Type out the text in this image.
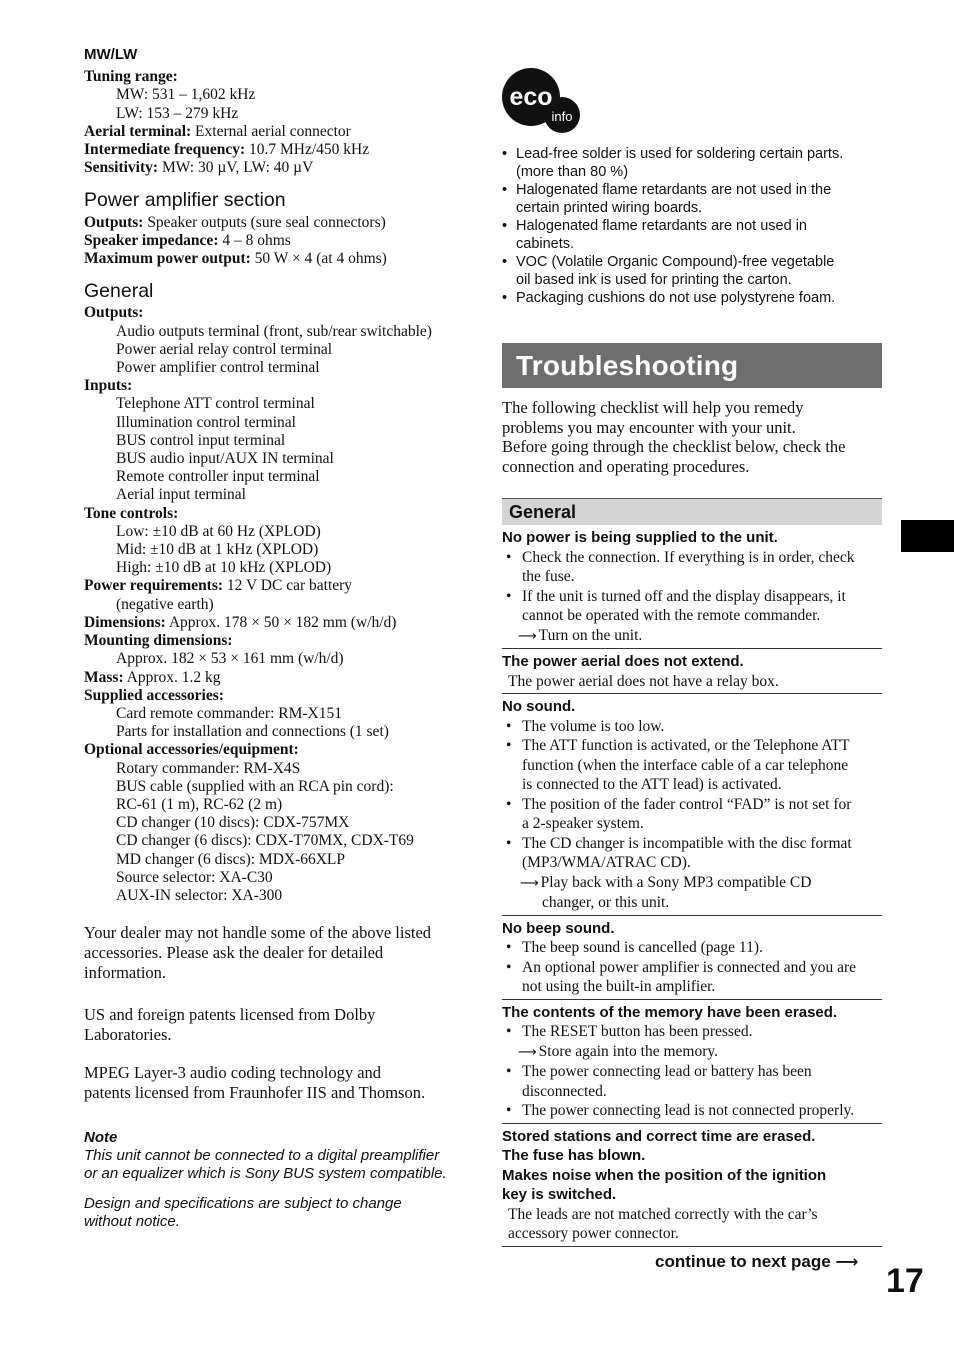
MW/LW
Tuning range:
MW: 531 – 1,602 kHz
LW: 153 – 279 kHz
Aerial terminal: External aerial connector
Intermediate frequency: 10.7 MHz/450 kHz
Sensitivity: MW: 30 µV, LW: 40 µV
Power amplifier section
Outputs: Speaker outputs (sure seal connectors)
Speaker impedance: 4 – 8 ohms
Maximum power output: 50 W × 4 (at 4 ohms)
General
Outputs:
Audio outputs terminal (front, sub/rear switchable)
Power aerial relay control terminal
Power amplifier control terminal
Inputs:
Telephone ATT control terminal
Illumination control terminal
BUS control input terminal
BUS audio input/AUX IN terminal
Remote controller input terminal
Aerial input terminal
Tone controls:
Low: ±10 dB at 60 Hz (XPLOD)
Mid: ±10 dB at 1 kHz (XPLOD)
High: ±10 dB at 10 kHz (XPLOD)
Power requirements: 12 V DC car battery
(negative earth)
Dimensions: Approx. 178 × 50 × 182 mm (w/h/d)
Mounting dimensions:
Approx. 182 × 53 × 161 mm (w/h/d)
Mass: Approx. 1.2 kg
Supplied accessories:
Card remote commander: RM-X151
Parts for installation and connections (1 set)
Optional accessories/equipment:
Rotary commander: RM-X4S
BUS cable (supplied with an RCA pin cord):
RC-61 (1 m), RC-62 (2 m)
CD changer (10 discs): CDX-757MX
CD changer (6 discs): CDX-T70MX, CDX-T69
MD changer (6 discs): MDX-66XLP
Source selector: XA-C30
AUX-IN selector: XA-300

Your dealer may not handle some of the above listed

accessories. Please ask the dealer for detailed

information.

US and foreign patents licensed from Dolby

Laboratories.

MPEG Layer-3 audio coding technology and

patents licensed from Fraunhofer IIS and Thomson.

Note
This unit cannot be connected to a digital preamplifier
or an equalizer which is Sony BUS system compatible.
Design and specifications are subject to change
without notice.
eco
info
• Lead-free solder is used for soldering certain parts.
(more than 80 %)
• Halogenated flame retardants are not used in the
certain printed wiring boards.
• Halogenated flame retardants are not used in
cabinets.
• VOC (Volatile Organic Compound)-free vegetable
oil based ink is used for printing the carton.
• Packaging cushions do not use polystyrene foam.
Troubleshooting
The following checklist will help you remedy
problems you may encounter with your unit.
Before going through the checklist below, check the
connection and operating procedures.
General
No power is being supplied to the unit.
• Check the connection. If everything is in order, check
the fuse.
• If the unit is turned off and the display disappears, it
cannot be operated with the remote commander.
⟶ Turn on the unit.
The power aerial does not extend.
The power aerial does not have a relay box.
No sound.
• The volume is too low.
• The ATT function is activated, or the Telephone ATT
function (when the interface cable of a car telephone
is connected to the ATT lead) is activated.
• The position of the fader control “FAD” is not set for
a 2-speaker system.
• The CD changer is incompatible with the disc format
(MP3/WMA/ATRAC CD).
⟶ Play back with a Sony MP3 compatible CD
changer, or this unit.
No beep sound.
• The beep sound is cancelled (page 11).
• An optional power amplifier is connected and you are
not using the built-in amplifier.
The contents of the memory have been erased.
• The RESET button has been pressed.
⟶ Store again into the memory.
• The power connecting lead or battery has been
disconnected.
• The power connecting lead is not connected properly.
Stored stations and correct time are erased.
The fuse has blown.
Makes noise when the position of the ignition
key is switched.
The leads are not matched correctly with the car’s
accessory power connector.
continue to next page ⟶
17
